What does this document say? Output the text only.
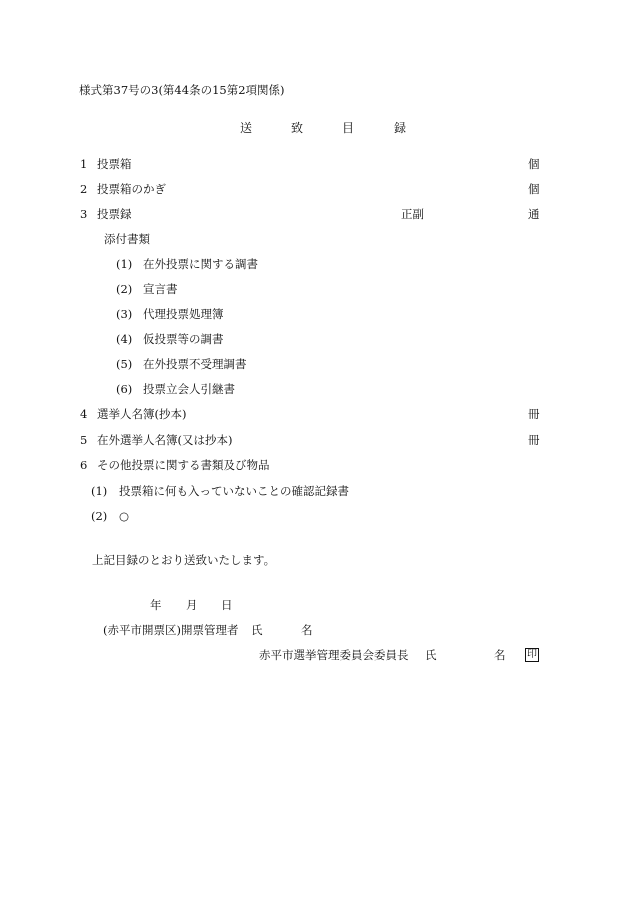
様式第37号の3(第44条の15第2項関係)
送	致	目	録
1 投票箱	個
2 投票箱のかぎ	個
3 投票録	正副	通
添付書類
(1) 在外投票に関する調書
(2) 宣言書
(3) 代理投票処理簿
(4) 仮投票等の調書
(5) 在外投票不受理調書
(6) 投票立会人引継書
4 選挙人名簿(抄本)	冊
5 在外選挙人名簿(又は抄本)	冊
6 その他投票に関する書類及び物品
(1) 投票箱に何も入っていないことの確認記録書
(2) ○
上記目録のとおり送致いたします。
年 月 日
(赤平市開票区)開票管理者 氏	名
赤平市選挙管理委員会委員長 氏	名 印
